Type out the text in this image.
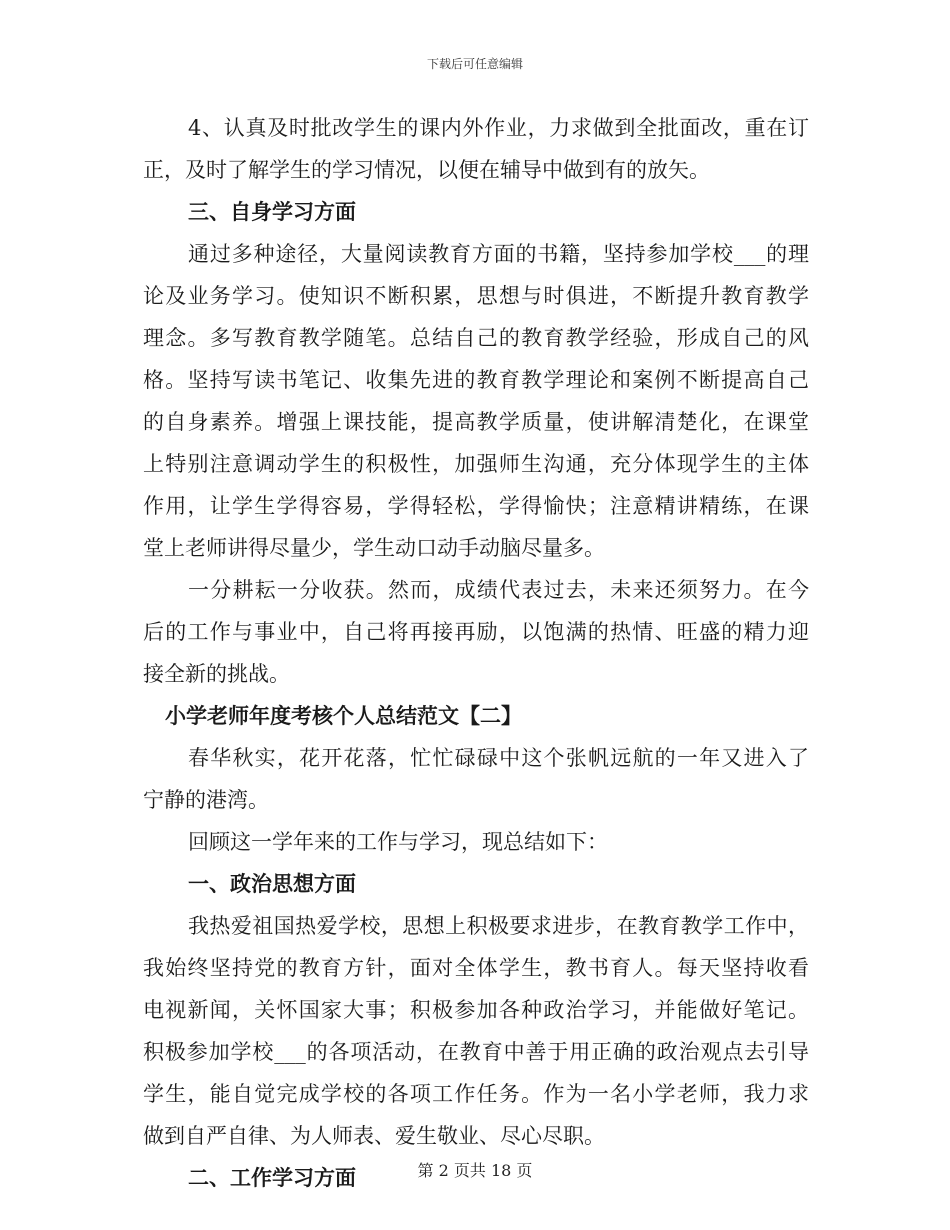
下载后可任意编辑
4、认真及时批改学生的课内外作业，力求做到全批面改，重在订
正，及时了解学生的学习情况，以便在辅导中做到有的放矢。
三、自身学习方面
通过多种途径，大量阅读教育方面的书籍，坚持参加学校___的理
论及业务学习。使知识不断积累，思想与时俱进，不断提升教育教学
理念。多写教育教学随笔。总结自己的教育教学经验，形成自己的风
格。坚持写读书笔记、收集先进的教育教学理论和案例不断提高自己
的自身素养。增强上课技能，提高教学质量，使讲解清楚化，在课堂
上特别注意调动学生的积极性，加强师生沟通，充分体现学生的主体
作用，让学生学得容易，学得轻松，学得愉快；注意精讲精练，在课
堂上老师讲得尽量少，学生动口动手动脑尽量多。
一分耕耘一分收获。然而，成绩代表过去，未来还须努力。在今
后的工作与事业中，自己将再接再励，以饱满的热情、旺盛的精力迎
接全新的挑战。
小学老师年度考核个人总结范文【二】
春华秋实，花开花落，忙忙碌碌中这个张帆远航的一年又进入了
宁静的港湾。
回顾这一学年来的工作与学习，现总结如下：
一、政治思想方面
我热爱祖国热爱学校，思想上积极要求进步，在教育教学工作中，
我始终坚持党的教育方针，面对全体学生，教书育人。每天坚持收看
电视新闻，关怀国家大事；积极参加各种政治学习，并能做好笔记。
积极参加学校___的各项活动，在教育中善于用正确的政治观点去引导
学生，能自觉完成学校的各项工作任务。作为一名小学老师，我力求
做到自严自律、为人师表、爱生敬业、尽心尽职。
二、工作学习方面	第 2 页共 18 页
